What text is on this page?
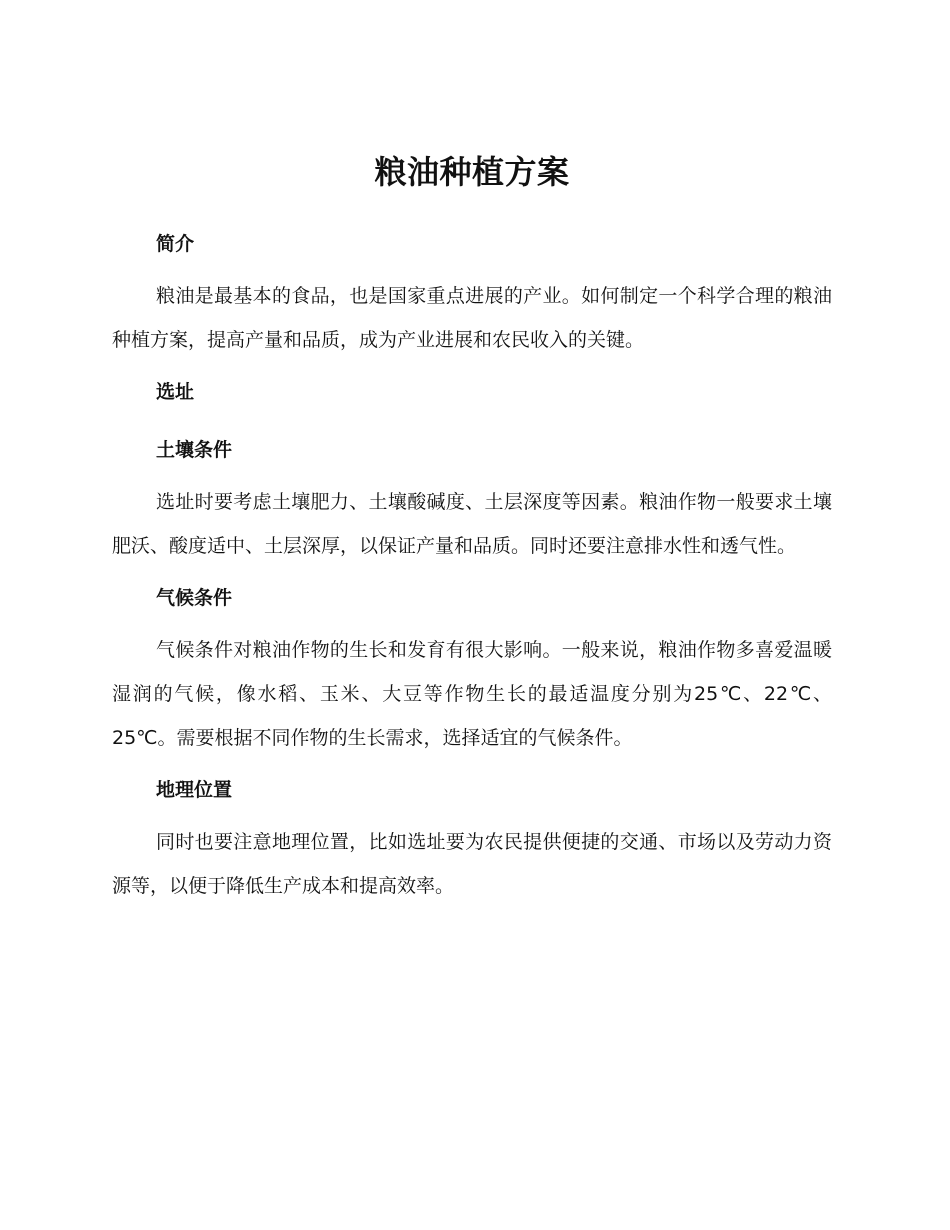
粮油种植方案
简介

粮油是最基本的食品，也是国家重点进展的产业。如何制定一个科学合理的粮油种植方案，提高产量和品质，成为产业进展和农民收入的关键。

选址
土壤条件

选址时要考虑土壤肥力、土壤酸碱度、土层深度等因素。粮油作物一般要求土壤肥沃、酸度适中、土层深厚，以保证产量和品质。同时还要注意排水性和透气性。

气候条件

气候条件对粮油作物的生长和发育有很大影响。一般来说，粮油作物多喜爱温暖湿润的气候，像水稻、玉米、大豆等作物生长的最适温度分别为25℃、22℃、25℃。需要根据不同作物的生长需求，选择适宜的气候条件。

地理位置

同时也要注意地理位置，比如选址要为农民提供便捷的交通、市场以及劳动力资源等，以便于降低生产成本和提高效率。
